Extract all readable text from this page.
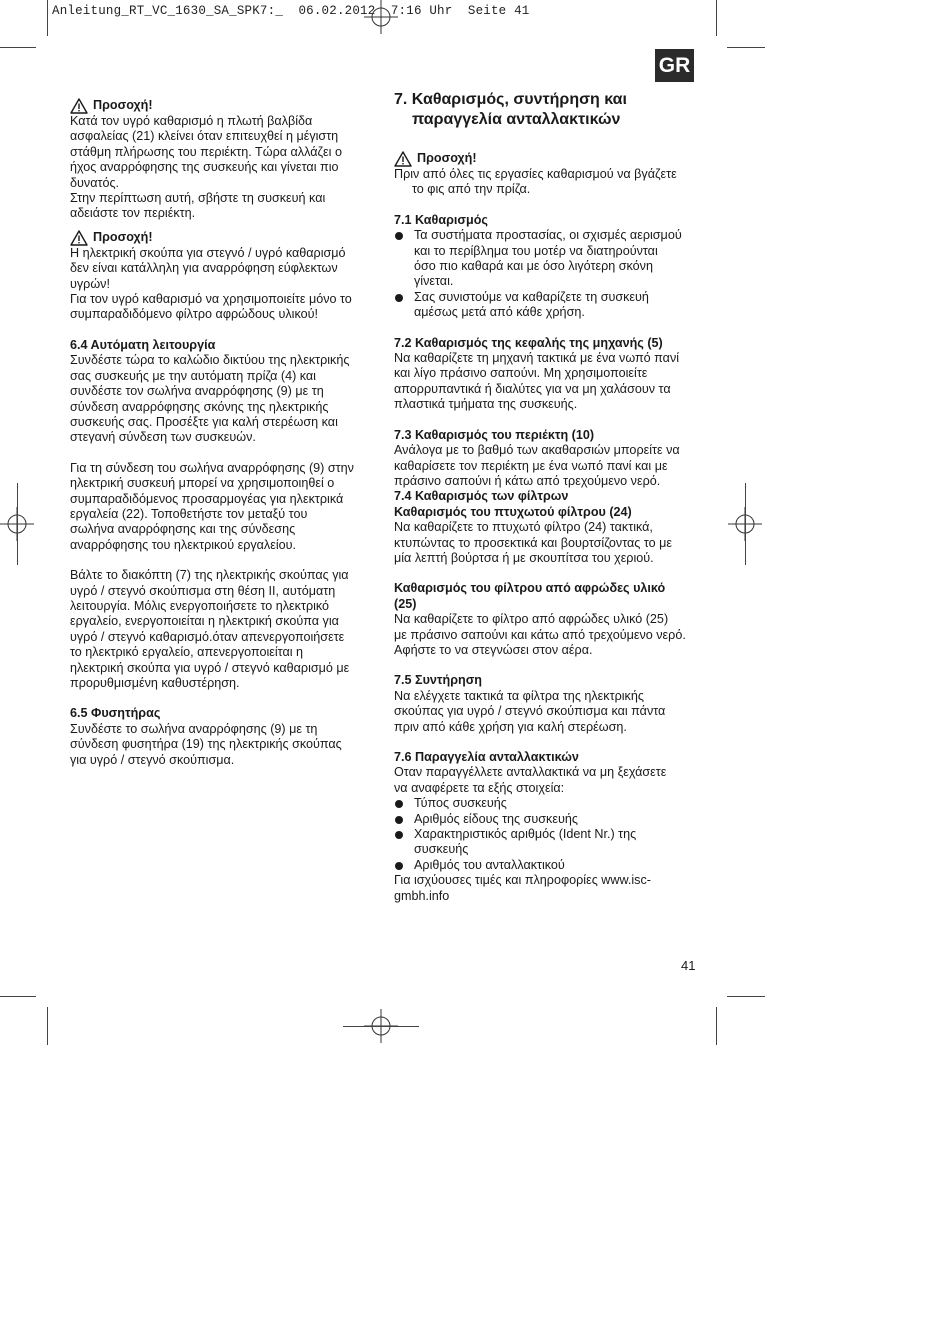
Anleitung_RT_VC_1630_SA_SPK7:_  06.02.2012  7:16 Uhr  Seite 41
GR

Προσοχή!

Κατά τον υγρό καθαρισμό η πλωτή βαλβίδα

ασφαλείας (21) κλείνει όταν επιτευχθεί η μέγιστη

στάθμη πλήρωσης του περιέκτη. Τώρα αλλάζει ο

ήχος αναρρόφησης της συσκευής και γίνεται πιο

δυνατός.

Στην περίπτωση αυτή, σβήστε τη συσκευή και

αδειάστε τον περιέκτη.

Προσοχή!

Η ηλεκτρική σκούπα για στεγνό / υγρό καθαρισμό

δεν είναι κατάλληλη για αναρρόφηση εύφλεκτων

υγρών!

Για τον υγρό καθαρισμό να χρησιμοποιείτε μόνο το

συμπαραδιδόμενο φίλτρο αφρώδους υλικού!

6.4 Αυτόματη λειτουργία

Συνδέστε τώρα το καλώδιο δικτύου της ηλεκτρικής

σας συσκευής με την αυτόματη πρίζα (4) και

συνδέστε τον σωλήνα αναρρόφησης (9) με τη

σύνδεση αναρρόφησης σκόνης της ηλεκτρικής

συσκευής σας. Προσέξτε για καλή στερέωση και

στεγανή σύνδεση των συσκευών.

Για τη σύνδεση του σωλήνα αναρρόφησης (9) στην

ηλεκτρική συσκευή μπορεί να χρησιμοποιηθεί ο

συμπαραδιδόμενος προσαρμογέας για ηλεκτρικά

εργαλεία (22). Τοποθετήστε τον μεταξύ του

σωλήνα αναρρόφησης και της σύνδεσης

αναρρόφησης του ηλεκτρικού εργαλείου.

Βάλτε το διακόπτη (7) της ηλεκτρικής σκούπας για

υγρό / στεγνό σκούπισμα στη θέση II, αυτόματη

λειτουργία. Μόλις ενεργοποιήσετε το ηλεκτρικό

εργαλείο, ενεργοποιείται η ηλεκτρική σκούπα για

υγρό / στεγνό καθαρισμό.όταν απενεργοποιήσετε

το ηλεκτρικό εργαλείο, απενεργοποιείται η

ηλεκτρική σκούπα για υγρό / στεγνό καθαρισμό με

προρυθμισμένη καθυστέρηση.

6.5 Φυσητήρας

Συνδέστε το σωλήνα αναρρόφησης (9) με τη

σύνδεση φυσητήρα (19) της ηλεκτρικής σκούπας

για υγρό / στεγνό σκούπισμα.

7. Καθαρισμός, συντήρηση και
παραγγελία ανταλλακτικών

Προσοχή!

Πριν από όλες τις εργασίες καθαρισμού να βγάζετε

το φις από την πρίζα.

7.1 Καθαρισμός

Τα συστήματα προστασίας, οι σχισμές αερισμού

και το περίβλημα του μοτέρ να διατηρούνται

όσο πιο καθαρά και με όσο λιγότερη σκόνη

γίνεται.

Σας συνιστούμε να καθαρίζετε τη συσκευή

αμέσως μετά από κάθε χρήση.

7.2 Καθαρισμός της κεφαλής της μηχανής (5)

Να καθαρίζετε τη μηχανή τακτικά με ένα νωπό πανί

και λίγο πράσινο σαπούνι. Μη χρησιμοποιείτε

απορρυπαντικά ή διαλύτες για να μη χαλάσουν τα

πλαστικά τμήματα της συσκευής.

7.3 Καθαρισμός του περιέκτη (10)

Ανάλογα με το βαθμό των ακαθαρσιών μπορείτε να

καθαρίσετε τον περιέκτη με ένα νωπό πανί και με

πράσινο σαπούνι ή κάτω από τρεχούμενο νερό.

7.4 Καθαρισμός των φίλτρων

Καθαρισμός του πτυχωτού φίλτρου (24)

Να καθαρίζετε το πτυχωτό φίλτρο (24) τακτικά,

κτυπώντας το προσεκτικά και βουρτσίζοντας το με

μία λεπτή βούρτσα ή με σκουπίτσα του χεριού.

Καθαρισμός του φίλτρου από αφρώδες υλικό

(25)

Να καθαρίζετε το φίλτρο από αφρώδες υλικό (25)

με πράσινο σαπούνι και κάτω από τρεχούμενο νερό.

Αφήστε το να στεγνώσει στον αέρα.

7.5 Συντήρηση

Να ελέγχετε τακτικά τα φίλτρα της ηλεκτρικής

σκούπας για υγρό / στεγνό σκούπισμα και πάντα

πριν από κάθε χρήση για καλή στερέωση.

7.6 Παραγγελία ανταλλακτικών

Οταν παραγγέλλετε ανταλλακτικά να μη ξεχάσετε

να αναφέρετε τα εξής στοιχεία:

Τύπος συσκευής

Αριθμός είδους της συσκευής

Χαρακτηριστικός αριθμός (Ident Nr.) της

συσκευής

Αριθμός του ανταλλακτικού

Για ισχύουσες τιμές και πληροφορίες www.isc-

gmbh.info

41
